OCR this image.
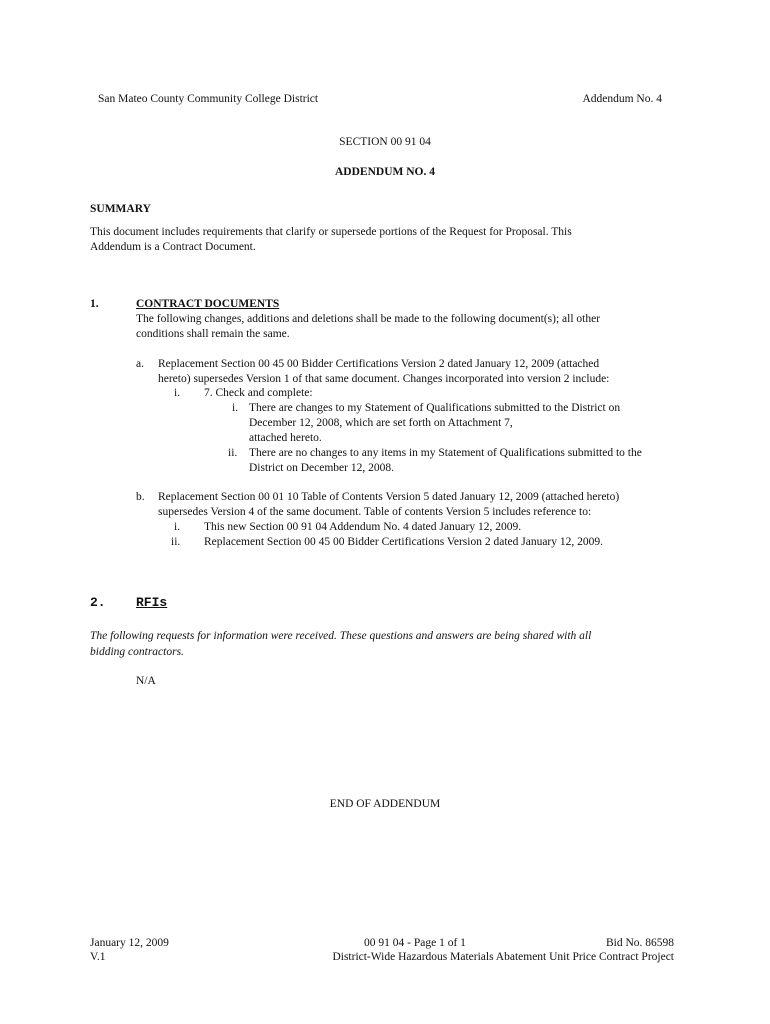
San Mateo County Community College District	Addendum No. 4
SECTION 00 91 04
ADDENDUM NO. 4
SUMMARY
This document includes requirements that clarify or supersede portions of the Request for Proposal. This
Addendum is a Contract Document.
1.	CONTRACT DOCUMENTS
The following changes, additions and deletions shall be made to the following document(s); all other
conditions shall remain the same.
a. Replacement Section 00 45 00 Bidder Certifications Version 2 dated January 12, 2009 (attached
hereto) supersedes Version 1 of that same document. Changes incorporated into version 2 include:
i. 7. Check and complete:
i. There are changes to my Statement of Qualifications submitted to the District on
December 12, 2008, which are set forth on Attachment 7,
attached hereto.
ii. There are no changes to any items in my Statement of Qualifications submitted to the
District on December 12, 2008.
b. Replacement Section 00 01 10 Table of Contents Version 5 dated January 12, 2009 (attached hereto)
supersedes Version 4 of the same document. Table of contents Version 5 includes reference to:
i. This new Section 00 91 04 Addendum No. 4 dated January 12, 2009.
ii. Replacement Section 00 45 00 Bidder Certifications Version 2 dated January 12, 2009.
2. RFIs
The following requests for information were received. These questions and answers are being shared with all
bidding contractors.
N/A
END OF ADDENDUM
January 12, 2009
V.1
00 91 04 - Page 1 of 1	Bid No. 86598
District-Wide Hazardous Materials Abatement Unit Price Contract Project
